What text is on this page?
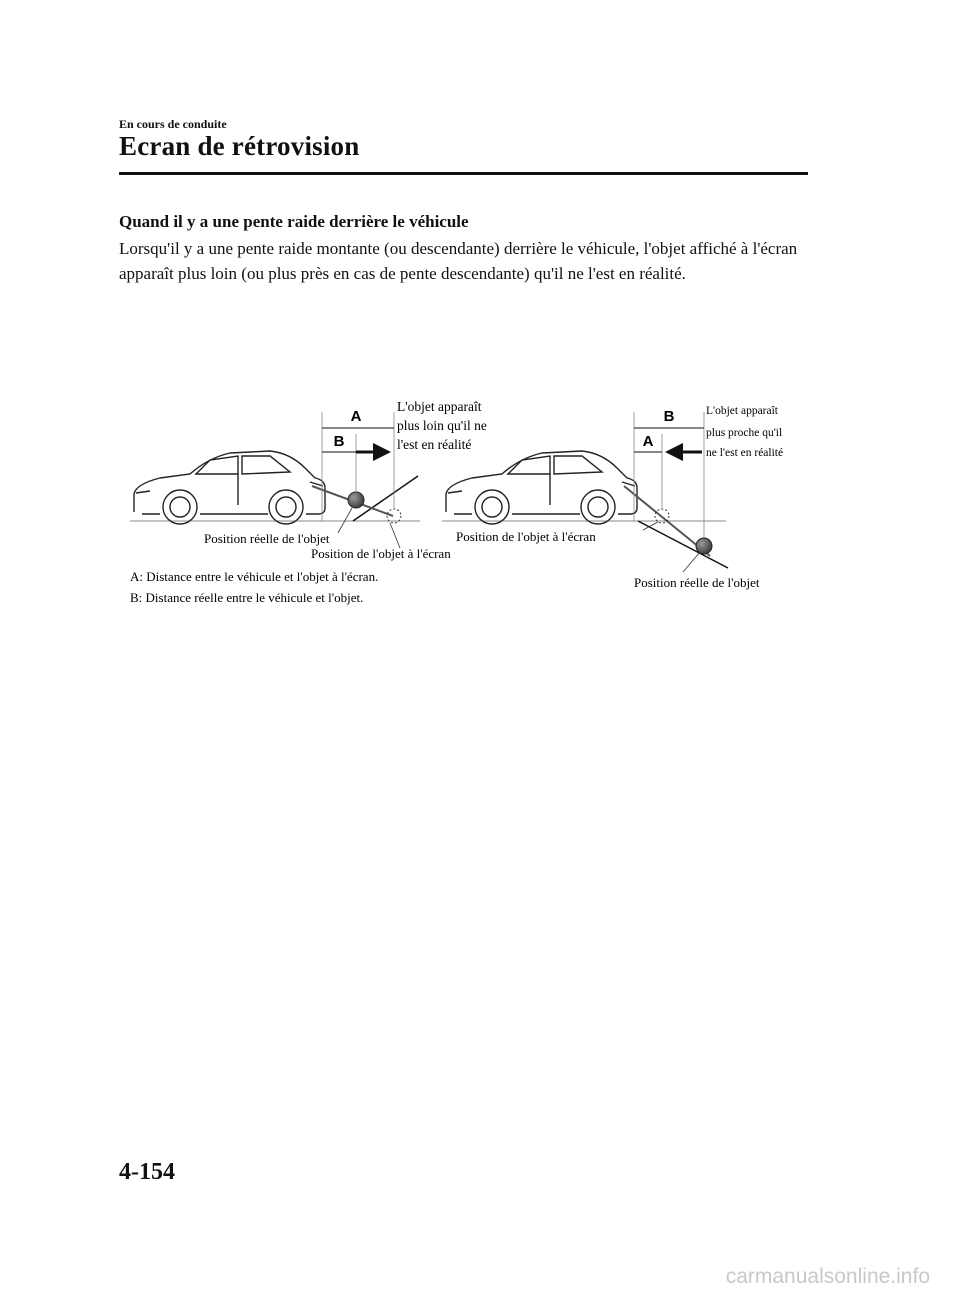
En cours de conduite
Ecran de rétrovision
Quand il y a une pente raide derrière le véhicule
Lorsqu'il y a une pente raide montante (ou descendante) derrière le véhicule, l'objet affiché à l'écran apparaît plus loin (ou plus près en cas de pente descendante) qu'il ne l'est en réalité.
A
B
L'objet apparaît
plus loin qu'il ne
l'est en réalité
Position réelle de l'objet
Position de l'objet à l'écran
B
A
L'objet apparaît
plus proche qu'il
ne l'est en réalité
Position de l'objet à l'écran
Position réelle de l'objet
A: Distance entre le véhicule et l'objet à l'écran.
B: Distance réelle entre le véhicule et l'objet.
4-154
carmanualsonline.info
